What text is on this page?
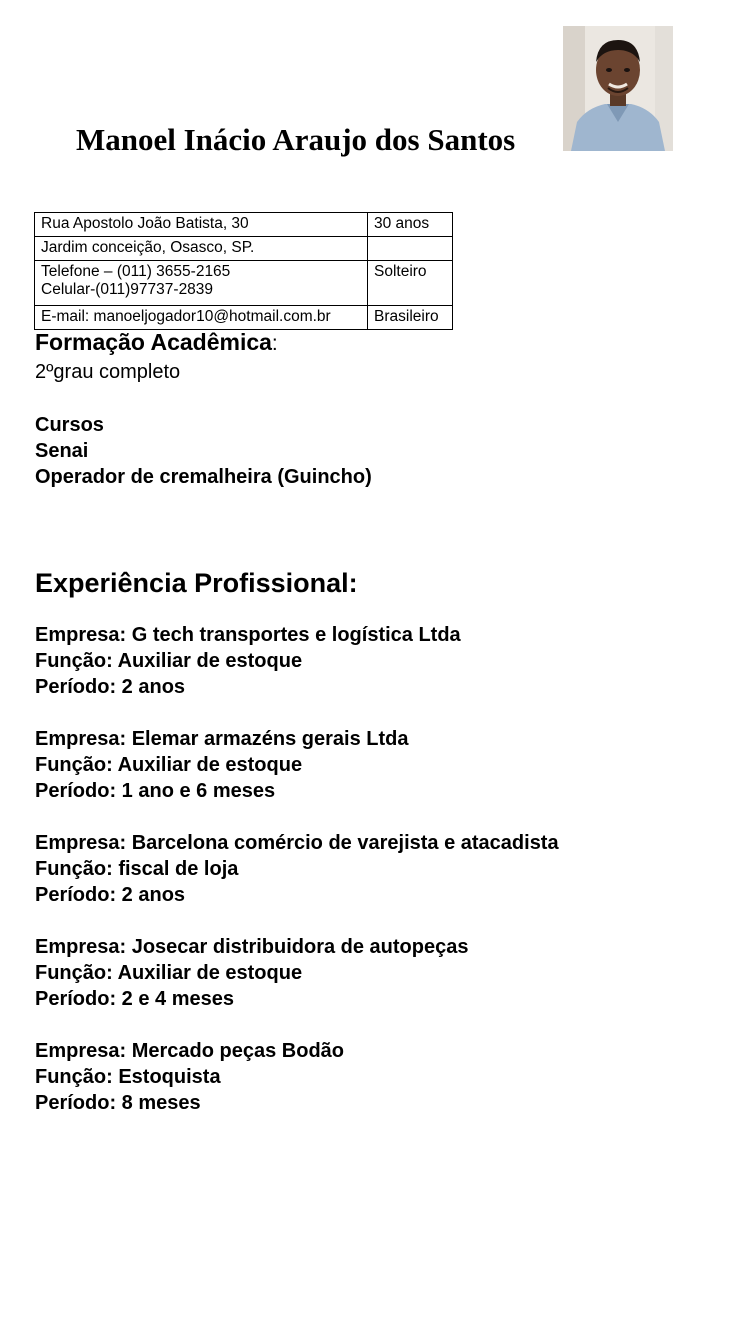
Manoel Inácio Araujo dos Santos
Rua Apostolo João Batista, 30	30 anos
Jardim conceição, Osasco, SP.	

Telefone – (011) 3655-2165
Celular-(011)97737-2839	Solteiro
E-mail: manoeljogador10@hotmail.com.br	Brasileiro

Formação Acadêmica:

2ºgrau completo

Cursos

Senai

Operador de cremalheira (Guincho)

Experiência Profissional:

Empresa: G tech transportes e logística Ltda

Função: Auxiliar de estoque

Período: 2 anos

Empresa: Elemar armazéns gerais Ltda

Função: Auxiliar de estoque

Período: 1 ano e 6 meses

Empresa: Barcelona comércio de varejista e atacadista

Função: fiscal de loja

Período: 2 anos

Empresa: Josecar distribuidora de autopeças

Função: Auxiliar de estoque

Período: 2 e 4 meses

Empresa: Mercado peças Bodão

Função: Estoquista

Período: 8 meses
